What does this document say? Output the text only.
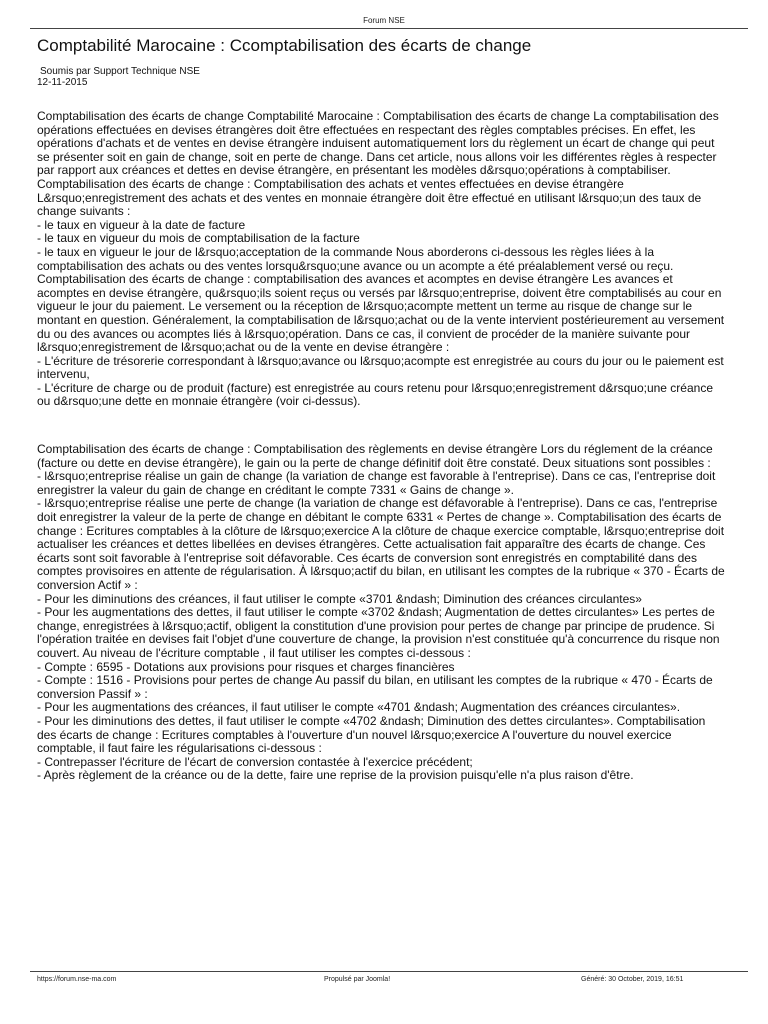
Forum NSE
Comptabilité Marocaine : Ccomptabilisation des écarts de change
Soumis par Support Technique NSE
12-11-2015

Comptabilisation des écarts de change Comptabilité Marocaine : Comptabilisation des écarts de change La comptabilisation des opérations effectuées en devises étrangères doit être effectuées en respectant des règles comptables précises. En effet, les opérations d'achats et de ventes en devise étrangère induisent automatiquement lors du règlement un écart de change qui peut se présenter soit en gain de change, soit en perte de change. Dans cet article, nous allons voir les différentes règles à respecter par rapport aux créances et dettes en devise étrangère, en présentant les modèles d&rsquo;opérations à comptabiliser. Comptabilisation des écarts de change : Comptabilisation des achats et ventes effectuées en devise étrangère L&rsquo;enregistrement des achats et des ventes en monnaie étrangère doit être effectué en utilisant l&rsquo;un des taux de change suivants :
- le taux en vigueur à la date de facture
- le taux en vigueur du mois de comptabilisation de la facture
- le taux en vigueur le jour de l&rsquo;acceptation de la commande Nous aborderons ci-dessous les règles liées à la comptabilisation des achats ou des ventes lorsqu&rsquo;une avance ou un acompte a été préalablement versé ou reçu. Comptabilisation des écarts de change : comptabilisation des avances et acomptes en devise étrangère Les avances et acomptes en devise étrangère, qu&rsquo;ils soient reçus ou versés par l&rsquo;entreprise, doivent être comptabilisés au cour en vigueur le jour du paiement. Le versement ou la réception de l&rsquo;acompte mettent un terme au risque de change sur le montant en question. Généralement, la comptabilisation de l&rsquo;achat ou de la vente intervient postérieurement au versement du ou des avances ou acomptes liés à l&rsquo;opération. Dans ce cas, il convient de procéder de la manière suivante pour l&rsquo;enregistrement de l&rsquo;achat ou de la vente en devise étrangère :
- L'écriture de trésorerie correspondant à l&rsquo;avance ou l&rsquo;acompte est enregistrée au cours du jour ou le paiement est intervenu,
- L'écriture de charge ou de produit (facture) est enregistrée au cours retenu pour l&rsquo;enregistrement d&rsquo;une créance ou d&rsquo;une dette en monnaie étrangère (voir ci-dessus).

Comptabilisation des écarts de change : Comptabilisation des règlements en devise étrangère Lors du réglement de la créance (facture ou dette en devise étrangère), le gain ou la perte de change définitif doit être constaté. Deux situations sont possibles :
- l&rsquo;entreprise réalise un gain de change (la variation de change est favorable à l'entreprise). Dans ce cas, l'entreprise doit enregistrer la valeur du gain de change en créditant le compte 7331 « Gains de change ».
- l&rsquo;entreprise réalise une perte de change (la variation de change est défavorable à l'entreprise). Dans ce cas, l'entreprise doit enregistrer la valeur de la perte de change en débitant le compte 6331 « Pertes de change ». Comptabilisation des écarts de change : Ecritures comptables à la clôture de l&rsquo;exercice A la clôture de chaque exercice comptable, l&rsquo;entreprise doit actualiser les créances et dettes libellées en devises étrangères. Cette actualisation fait apparaître des écarts de change. Ces écarts sont soit favorable à l'entreprise soit défavorable. Ces écarts de conversion sont enregistrés en comptabilité dans des comptes provisoires en attente de régularisation. À l&rsquo;actif du bilan, en utilisant les comptes de la rubrique « 370 - Écarts de conversion Actif » :
- Pour les diminutions des créances, il faut utiliser le compte «3701 &ndash; Diminution des créances circulantes»
- Pour les augmentations des dettes, il faut utiliser le compte «3702 &ndash; Augmentation de dettes circulantes» Les pertes de change, enregistrées à l&rsquo;actif, obligent la constitution d'une provision pour pertes de change par principe de prudence. Si l'opération traitée en devises fait l'objet d'une couverture de change, la provision n'est constituée qu'à concurrence du risque non couvert. Au niveau de l'écriture comptable , il faut utiliser les comptes ci-dessous :
- Compte : 6595 - Dotations aux provisions pour risques et charges financières
- Compte : 1516 - Provisions pour pertes de change Au passif du bilan, en utilisant les comptes de la rubrique « 470 - Écarts de conversion Passif » :
- Pour les augmentations des créances, il faut utiliser le compte «4701 &ndash; Augmentation des créances circulantes».
- Pour les diminutions des dettes, il faut utiliser le compte «4702 &ndash; Diminution des dettes circulantes». Comptabilisation des écarts de change : Ecritures comptables à l'ouverture d'un nouvel l&rsquo;exercice A l'ouverture du nouvel exercice comptable, il faut faire les régularisations ci-dessous :
- Contrepasser l'écriture de l'écart de conversion contastée à l'exercice précédent;
- Après règlement de la créance ou de la dette, faire une reprise de la provision puisqu'elle n'a plus raison d'être.

https://forum.nse-ma.com	Propulsé par Joomla!	Généré: 30 October, 2019, 16:51
